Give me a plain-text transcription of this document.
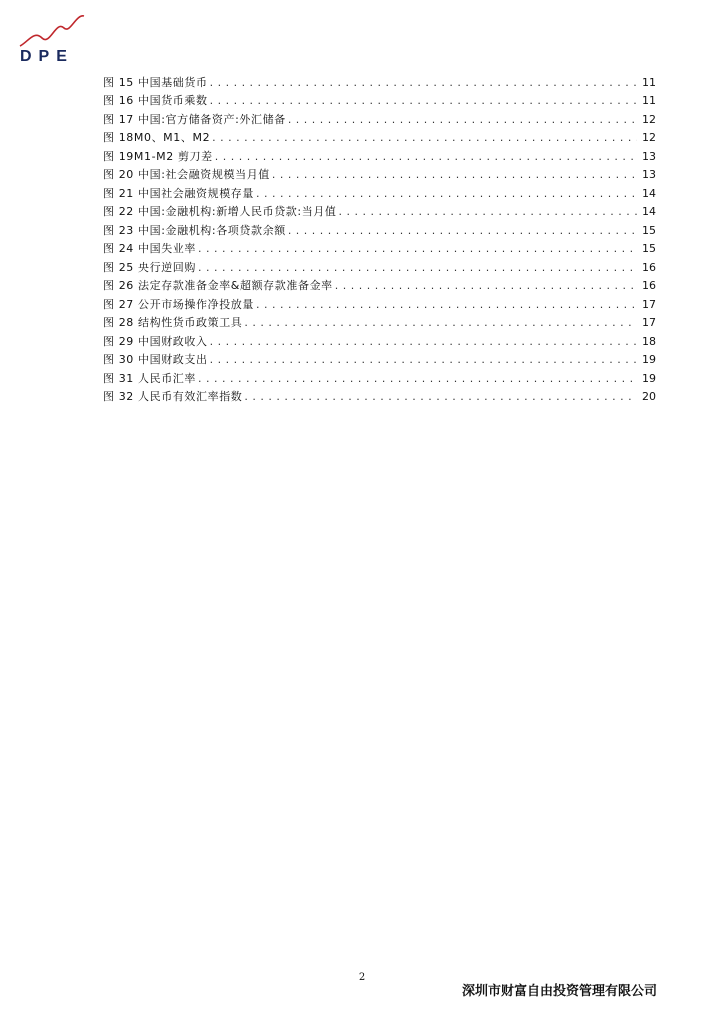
DPE
图 15 中国基础货币 . . .	11
图 16 中国货币乘数 . . .	11
图 17 中国:官方储备资产:外汇储备 . . .	12
图 18M0、M1、M2 . . .	12
图 19M1-M2 剪刀差 . . .	13
图 20 中国:社会融资规模当月值 . . .	13
图 21 中国社会融资规模存量 . . .	14
图 22 中国:金融机构:新增人民币贷款:当月值 . . .	14
图 23 中国:金融机构:各项贷款余额 . . .	15
图 24 中国失业率 . . .	15
图 25 央行逆回购 . . .	16
图 26 法定存款准备金率&超额存款准备金率 . . .	16
图 27 公开市场操作净投放量 . . .	17
图 28 结构性货币政策工具 . . .	17
图 29 中国财政收入 . . .	18
图 30 中国财政支出 . . .	19
图 31 人民币汇率 . . .	19
图 32 人民币有效汇率指数 . . .	20
2
深圳市财富自由投资管理有限公司
